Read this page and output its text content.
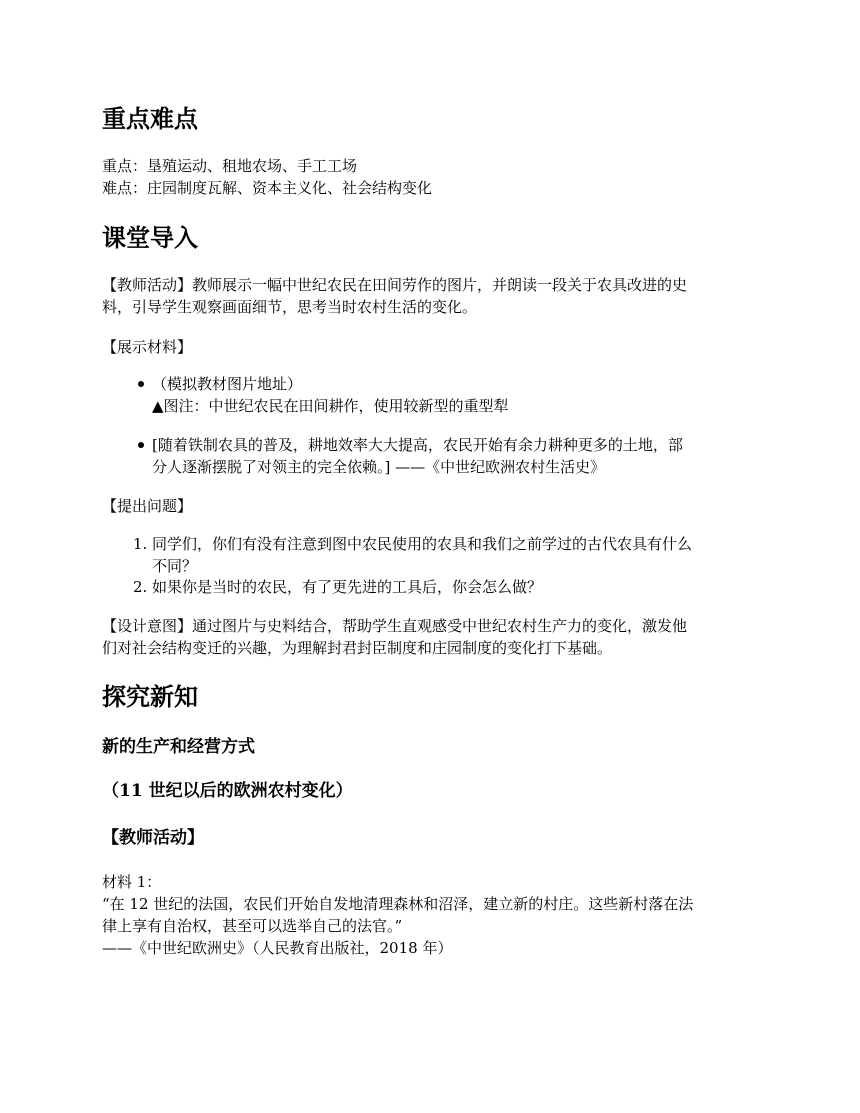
重点难点

重点：垦殖运动、租地农场、手工工场

难点：庄园制度瓦解、资本主义化、社会结构变化

课堂导入

【教师活动】教师展示一幅中世纪农民在田间劳作的图片，并朗读一段关于农具改进的史

料，引导学生观察画面细节，思考当时农村生活的变化。

【展示材料】

（模拟教材图片地址）

▲图注：中世纪农民在田间耕作，使用较新型的重型犁

[随着铁制农具的普及，耕地效率大大提高，农民开始有余力耕种更多的土地，部

分人逐渐摆脱了对领主的完全依赖。] ——《中世纪欧洲农村生活史》

【提出问题】

1. 同学们，你们有没有注意到图中农民使用的农具和我们之前学过的古代农具有什么

不同？

2. 如果你是当时的农民，有了更先进的工具后，你会怎么做？

【设计意图】通过图片与史料结合，帮助学生直观感受中世纪农村生产力的变化，激发他

们对社会结构变迁的兴趣，为理解封君封臣制度和庄园制度的变化打下基础。

探究新知
新的生产和经营方式
（11 世纪以后的欧洲农村变化）
【教师活动】

材料 1：

“在 12 世纪的法国，农民们开始自发地清理森林和沼泽，建立新的村庄。这些新村落在法

律上享有自治权，甚至可以选举自己的法官。”

——《中世纪欧洲史》（人民教育出版社，2018 年）
